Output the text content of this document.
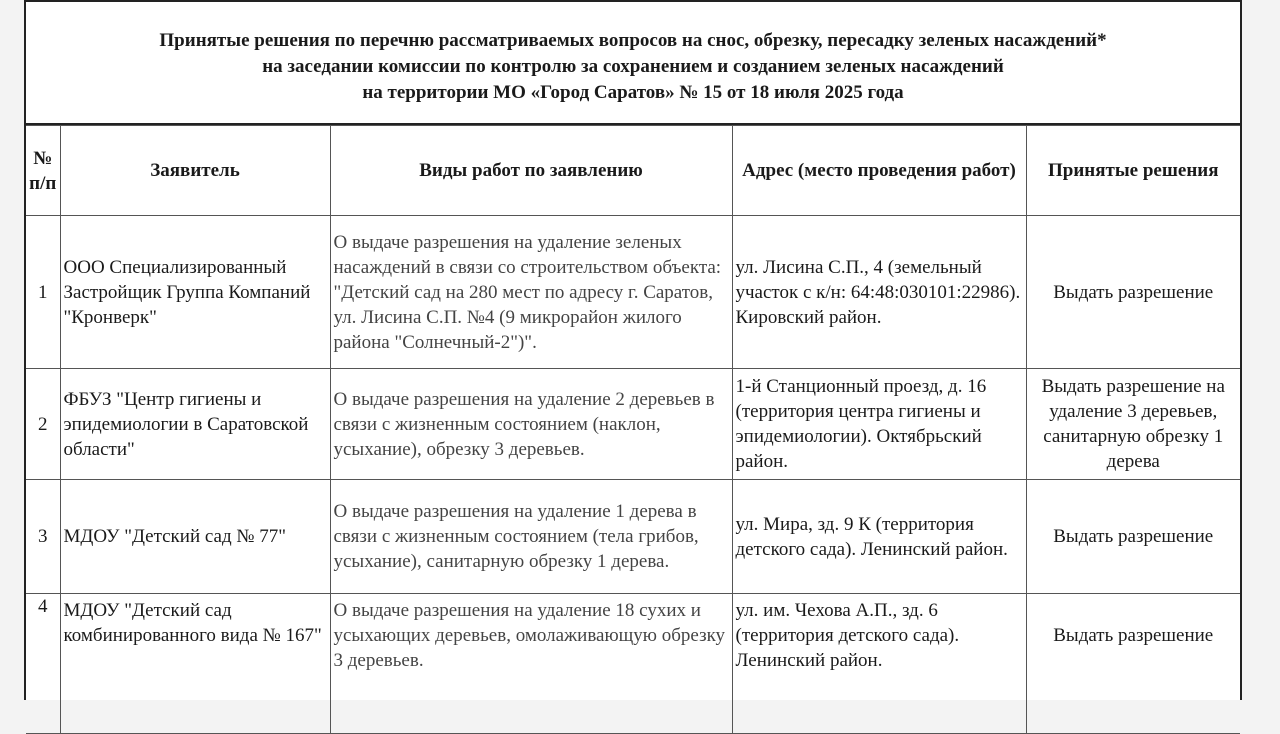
Принятые решения по перечню рассматриваемых вопросов на снос, обрезку, пересадку зеленых насаждений*
на заседании комиссии по контролю за сохранением и созданием зеленых насаждений
на территории МО «Город Саратов» № 15 от 18 июля 2025 года
№ п/п	Заявитель	Виды работ по заявлению	Адрес (место проведения работ)	Принятые решения
1	ООО Специализированный Застройщик Группа Компаний "Кронверк"	О выдаче разрешения на удаление зеленых насаждений в связи со строительством объекта: "Детский сад на 280 мест по адресу г. Саратов, ул. Лисина С.П. №4 (9 микрорайон жилого района "Солнечный-2")".	ул. Лисина С.П., 4 (земельный участок с к/н: 64:48:030101:22986). Кировский район.	Выдать разрешение
2	ФБУЗ "Центр гигиены и эпидемиологии в Саратовской области"	О выдаче разрешения на удаление 2 деревьев в связи с жизненным состоянием (наклон, усыхание), обрезку 3 деревьев.	1-й Станционный проезд, д. 16 (территория центра гигиены и эпидемиологии). Октябрьский район.	Выдать разрешение на удаление 3 деревьев, санитарную обрезку 1 дерева
3	МДОУ "Детский сад № 77"	О выдаче разрешения на удаление 1 дерева в связи с жизненным состоянием (тела грибов, усыхание), санитарную обрезку 1 дерева.	ул. Мира, зд. 9 К (территория детского сада). Ленинский район.	Выдать разрешение
4	МДОУ "Детский сад комбинированного вида № 167"	О выдаче разрешения на удаление 18 сухих и усыхающих деревьев, омолаживающую обрезку 3 деревьев.	ул. им. Чехова А.П., зд. 6 (территория детского сада). Ленинский район.	Выдать разрешение
